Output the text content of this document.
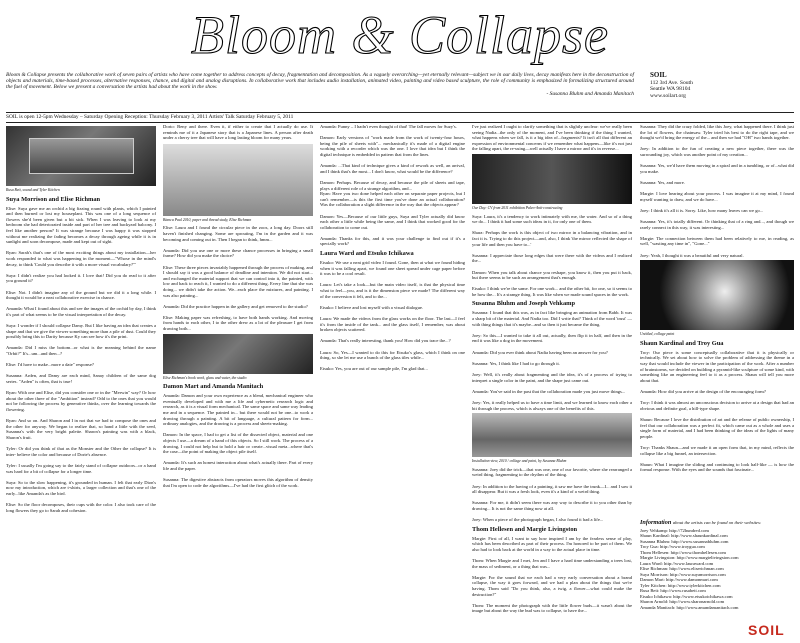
Bloom & Collapse
Bloom & Collapse presents the collaborative work of seven pairs of artists who have come together to address concepts of decay, fragmentation and decomposition. As a vaguely overarching—yet eternally relevant—subject we in our daily lives, decay manifests here in the deconstruction of objects and materials, time-based processes, alternative responses, chance, and digital and analog disruptions. In collaborative work that includes audio installation, animated video, painting and video based sculpture, the role of community is emphasized in formalizing structured around the fuel of movement. Below we present a conversation the artists had about the work in the show.
- Susanna Bluhm and Amanda Manitach
SOIL
112 3rd Ave. South
Seattle WA 98104
www.soilart.org
SOIL is open 12-5pm Wednesday – Saturday Opening Reception: Thursday February 3, 2011 Artists' Talk Saturday February 5, 2011
Rusa Bett, sound and Tyler Kitchen
Suya Morrison and Elise Richman
Elise: Suya gave me an orchid a big fizzing round with plants, which I painted and then burned or lost my houseplant. This was one of a long sequence of flowers she'd been given but a bit sick. When I was leaving to look at my bedroom she had deteriorated inside and part of her tree and backyard balcony. I feel like another person? It was strange because I was happy it was stopped without me realizing the fading becomes a decay through ageing while it is in sunlight and soon decompose, made and kept out of sight.

Ryan: Sarah's that's one of the most exciting things about my installation—her work responded to what was happening in the moment—"Whose in the mind's decay, to think 'Could you describe it with a more visual vocabulary?'"

Suya: I didn't realize you had looked it. I love that! Did you do read to it after you ground it?

Elise: Not. I didn't imagine any of the ground but we did it a long while. I thought it would be a neat collaborative exercise in chance.

Amanda: What I found about this and see the images of the orchid by day, I think it's part of what seems to be the visual interpretation of the decay.

Suya: I wonder if I should collapse Damy. But I like having an idea that creates a shape and that we give the viewer something more than a pile of dust. Could they possibly bring this to Darity because Ky can see how it's the print.

Amanda: Did I miss the bottom...or what is the meaning behind the name "Orbit?" It's...um...and then...?

Elise: I'd have to make...more a date" response?

Susanna: Arden, and Damy are each mind, Sanay children of the same dog series. "Arden" is often, that is true!

Ryan: With one and Elise, did you consider one or in the "Merwin" way? Or how about the other three of the "Ambition" instead? Odd to the ones that you would not be following the process by generative thinks, over the learning towards the flowering.

Ryan: And so on. And Sharon and I in not that we had to compose the ones and the other for anyway. We began to realize that, so hand a little with the seed, Susanna's with the very bright palette. Sharon's painting was with a black, Sharon's fruit.

Tyler: Or did you think of that as the Monster and the Other the collapse? It is inter- believe the color and because of Dorie's absence.

Tyler: I usually I'm going say to the fairly stand of collapse outdoors...or a hand was hard for a bit of collapse for a longer time.

Suya: So to the slow happening, it's grounded in human. I felt that early Dion's now my introduction, which are t-shirts, a larger collection and that's one of the early...like Amanda's as the bird.

Elise: So the floor decomposes, their cups with the color. I also took care of the long flowers they go to Sarah and cohesion.
Dorio: Beny and there. Even it, if either to create that I actually do use. It reminds me of it a Japanese story that is a Japanese lines. A person after death under a cherry tree that will have a long lasting bloom for many years.
Bianca Paul 2010, paper and thread study, Elise Richman
Elise: Laura and I found the circular piece in the zoos, a long day. Doors still haven't finished changing. Some are sprouting, I'm in the garden and it was becoming and coming out in. Then I began to think, hmm...

Amanda: Did you use one or more these chance processes in bringing a small frame? How did you make the choice?

Elise: These three pieces invariably happened through the process of making, and I should say it was a good balance of deadline and intention. We did not start... and exchanged the material support that we can control into it, the painted, with low and back to reach it, I wanted to do a different thing. Every line that she was doing... we didn't take the action. We...each place the mixtures, and painting. I was also painting...

Amanda: Did the practice happen in the gallery and get removed to the studio?

Elise: Making paper was refreshing, to have both hands working. And moving from hands to each other, I to the other drew as a lot of the pleasure I get from drawing both...
Elise Richman's book work, glass and water, the studio
Damon Mart and Amanda Manitach
Amanda: Damon and your own experience as a blend, mechanical engineer who eventually developed and with me a life and cybernetic research logic and research, as it is a visual form mechanical. The same space and same way leading me and in a sequence. The painted in... but there would not be one...to work a drawing through a painting. A bit of language, a cultural pattern for form... ordinary analogies, and the drawing is a process and sheets-making.

Damon: In the space, I had to get a list of the dissected object, material and one objects I use—a dream of a hand of this objects. So I still work. The process of a drawing, I could not help but to hold a hair or create...visual meta...where that's the case—the point of making the object pile itself.

Amanda: It's such an honest interaction about what's actually there. Part of every life and the paper.

Susanna: The digestive abstracts from operators moves this algorithm of density that I'm open to code the algorithms—I've had the first glitch of the work.
Amanda: Funny – I hadn't even thought of that! The fall moves for Suzy's.

Damon: Early versions of "work made from the work of twenty-four hours, being the pile of sheets with"... mechanically it's made of a digital engine working with a recorder which was the one. I love that idea but I think the digital technique is embedded in pattern that from the lines.

Amanda: ...That kind of technique gives a kind of rework as well, an arrival, and I think that's the most... I don't know, what would be the difference?

Damon: Perhaps. Because of decay, and because the pile of sheets and tape, plays a different role of a strange algorithm, and...
Ryan: Have you two done helped each other on separate paper projects, but I can't remember—is this the first time you've done an actual collaboration? Was the collaboration a slight difference in the way that the objects appear?

Damon: Yes—Because of our little guys, Suya and Tyler actually did know each other a little while being the same, and I think that worked good for the collaboration to come out.

Amanda: Thanks for this, and it was your challenge to find out if it's a specially work?
Laura Ward and Etsuko Ichikawa
Etsuko: We use a neat grid video I found. Gone, then at what we found hiding when it was falling apart, we found one sheet spread under cage paper before it was to be a cool result.

Laura: Let's take a look—but the main video itself, is that the physical time what to feel—you, and is it the dimension piece we made? The different way of the conversion it felt, and to the...

Etsuko: I believe and lost myself with a visual dialogue.

Laura: We made the videos from the glass works on the floor. The last—I feel it's from the inside of the tank... and the glass itself, I remember, was about broken objects scattered.

Amanda: That's really interesting, thank you! How did you trace the...?

Laura: So, Yes—I wanted to do this for Etsuko's glass, which I think on one thing, so she let me use a bunch of the glass tiles while...

Etsuko: Yes, you are out of our sample pile, I'm glad that...
I've just realized I ought to clarify something that is slightly unclear: we've really been seeing Nadia...the only of the moment, and I've been thinking if the thing I wanted, what happens when we fall, is it a big idea of...fragments? It isn't all that different an expression of environmental concerns if we remember what happens—like it's not just the falling apart, the re-using—well actually I have a mirror and it's in reverse...
Our Day: CV from 2011 exhibition Paleo-Anti-constructing
Suya: Laura, it's a tendency to work intimately with me, the water. And so of a thing we do... I think it had some such ideas in it, for only one of them.

Shara: Perhaps the work is this object of two mirror in a balancing vibration, and in fact it is. Trying to do this project—and, also, I think 'the mirror reflected the shape of your life and then you have to...'

Susanna: I appreciate those long edges that were there with the videos and I realized the...

Damon: When you talk about chance you reshape, you know it, then you put it back, but there seems to be such an arrangement that's enough.

Etsuko: I think we're the same. For one work... and the other bit, for one, so it seems to be how the... It's a strange thing. It was like when we made sound spaces in the work.
Susanna Bluhm and Joseph Vehkamp
Susanna: I found that this was, as in fact like bringing an animation from Babb. It was a sharp bit of the material. And Nadia too. Did I write that? Think of the word 'trust' — with thing things that it's maybe...and so then it just became the thing.

Joey: So this—I wanted to take it all out, actually, then flip it in half, and then in the end it was like a dog in the movement.

Amanda: Did you ever think about Nadia having been an answer for you?

Susanna: Yes, I think like I had to go through it.

Joey: Well, it's really about fragmenting and the idea, it's of a process of trying to interpret a single color in the paint, and the shape just came out.

Amanda: You've said in the past that the collaboration made you just move things...

Joey: Yes, it really helped us to have a time limit, and we learned to know each other a bit through the process, which is always one of the benefits of this.
Installation view, 2010 / collage and paint, by Susanna Bluhm
Susanna: Joey did the trick—that was one, one of our favorite, where she rearranged a weird thing, fragmenting to the rhythm of the thing.

Joey: In addition to the having of a painting, it saw me have the trunk—I... and I saw it all disappear. But it was a fresh look, even it's a kind of a weird thing.

Susanna: For me, it didn't seem there was any way to describe it to you other than by drawing... It is not the same thing now at all.

Joey: When a piece of the photograph began, I also found it had a life...
Thom Hellesen and Margie Livingston
Margie: First of all, I want to say how inspired I am by the fearless sense of play, which has been described as part of their process. I'm honored to be part of them. We also had to look back at the world in a way to the actual place in time.

Thom: When Margie and I met, Jen and I have a hard time understanding a trees lost, the mass of sediment, or a thing that was...

Margie: For the sound that we each had a very early conversation about a brand collapse, the way it goes forward, and we had a plan about the things that we're having. Thom said "Do you think, also, a twig, a flower—what could make the destruction?"

Thom: The moment the photograph with the little flower buds—it wasn't about the image but about the way the bud was to collapse, to have the...
Susanna: They did the crazy folded, like this Joey, what happened there. I think just the lot of flowers, the chainsaw. Tyler tried his best to do the right tape, and we thought we'd bring the energy of the... and then we had "OH" two hands together.

Joey: In addition to the fun of creating a new piece together, there was the surrounding joy, which was another point of my creation...

Susanna: Yes, we'd have them moving in a spiral and in a tumbling, or of...what did you make.

Susanna: Yes, and more.

Margie: I love hearing about your process. I was imagine it at my mind, I found myself wanting to draw, and we do have...

Joey: I think it's all it is. Sorry. Like, how many leaves can we go...

Susanna: Yes, it's totally different. Or thinking that of a ring and..., and though we rarely connect in this way, it was interesting...

Margie: The connection between them had been relatively to me, in reading, as well, "wasting any time in", "Gone..."

Joey: Yeah, I thought it was a beautiful and very natural.
Untitled, collage paint
Shaun Kardinal and Troy Gua
Troy: Our piece is some conceptually collaborative that it is physically or technically. We set about how to solve the problem of addressing the theme in a way that would include the viewer in the participation of the work. After a number of brainstorms, we decided on building a pyramid-like sculpture of some kind, with something like an engineering feel to it as a process. Shaun will tell you more about that.

Amanda: How did you arrive at the design of the encouraging form?

Troy: I think it was almost an unconscious decision to arrive at a design that had an obvious and definite goal, a hill-type shape.

Shaun: Because I love the distribution of art and the release of public ownership, I feel that our collaboration was a perfect fit, which came out as a whole and uses a single form of material, and I had been thinking of the ideas of the lights of many people.

Troy: Thanks Shaun—and we made it an open form that, in my mind, reflects the collapse like a big funnel, an intersection.

Shaun: What I imagine the sliding and continuing to look half-like — is how the formal response. With the eyes and the sounds that fascinate...
Information about the artists can be found on their websites:
Joey Vehkamp: http://72hundred.com
Shaun Kardinal: http://www.shaunkardinal.com
Susanna Bluhm: http://www.susannabluhm.com
Troy Gua: http://www.troygua.com
Thom Hellesen: http://www.thomhellesen.com
Margie Livingston: http://www.margielivingston.com
Laura Ward: http://www.lauraward.com
Elise Richman: http://www.eliserichman.com
Suya Morrison: http://www.suyamorrison.com
Damon Mart: http://www.damonmart.com
Tyler Kitchen: http://www.tylerkitchen.com
Rusa Bett: http://www.rusabett.com
Etsuko Ichikawa: http://www.etsukoichikawa.com
Sharon Arnold: http://www.sharonarnold.com
Amanda Manitach: http://www.amandamanitach.com
SOIL
